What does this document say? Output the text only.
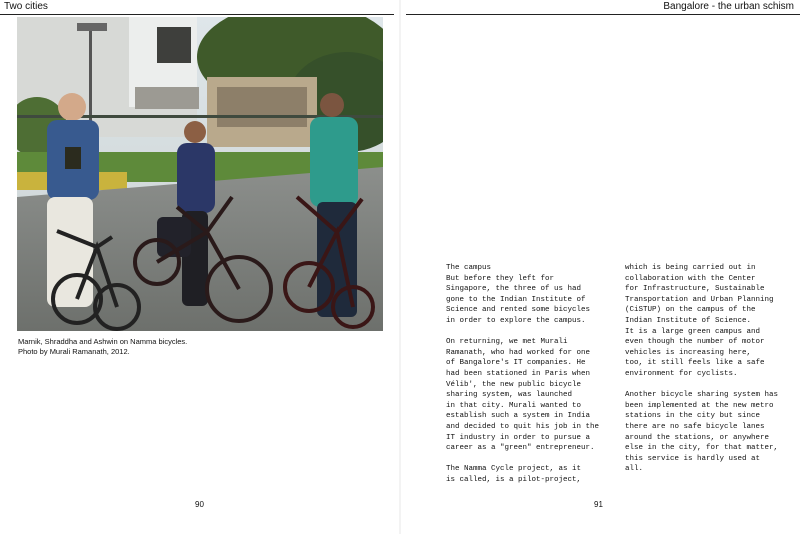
Two cities	Bangalore - the urban schism
Marnik, Shraddha and Ashwin on Namma bicycles.
Photo by Murali Ramanath, 2012.
90	91

The campus

But before they left for
Singapore, the three of us had
gone to the Indian Institute of
Science and rented some bicycles
in order to explore the campus.

On returning, we met Murali
Ramanath, who had worked for one
of Bangalore's IT companies. He
had been stationed in Paris when
Vélib', the new public bicycle
sharing system, was launched
in that city. Murali wanted to
establish such a system in India
and decided to quit his job in the
IT industry in order to pursue a
career as a "green" entrepreneur.

The Namma Cycle project, as it
is called, is a pilot-project,

which is being carried out in
collaboration with the Center
for Infrastructure, Sustainable
Transportation and Urban Planning
(CiSTUP) on the campus of the
Indian Institute of Science.
It is a large green campus and
even though the number of motor
vehicles is increasing here,
too, it still feels like a safe
environment for cyclists.

Another bicycle sharing system has
been implemented at the new metro
stations in the city but since
there are no safe bicycle lanes
around the stations, or anywhere
else in the city, for that matter,
this service is hardly used at
all.
